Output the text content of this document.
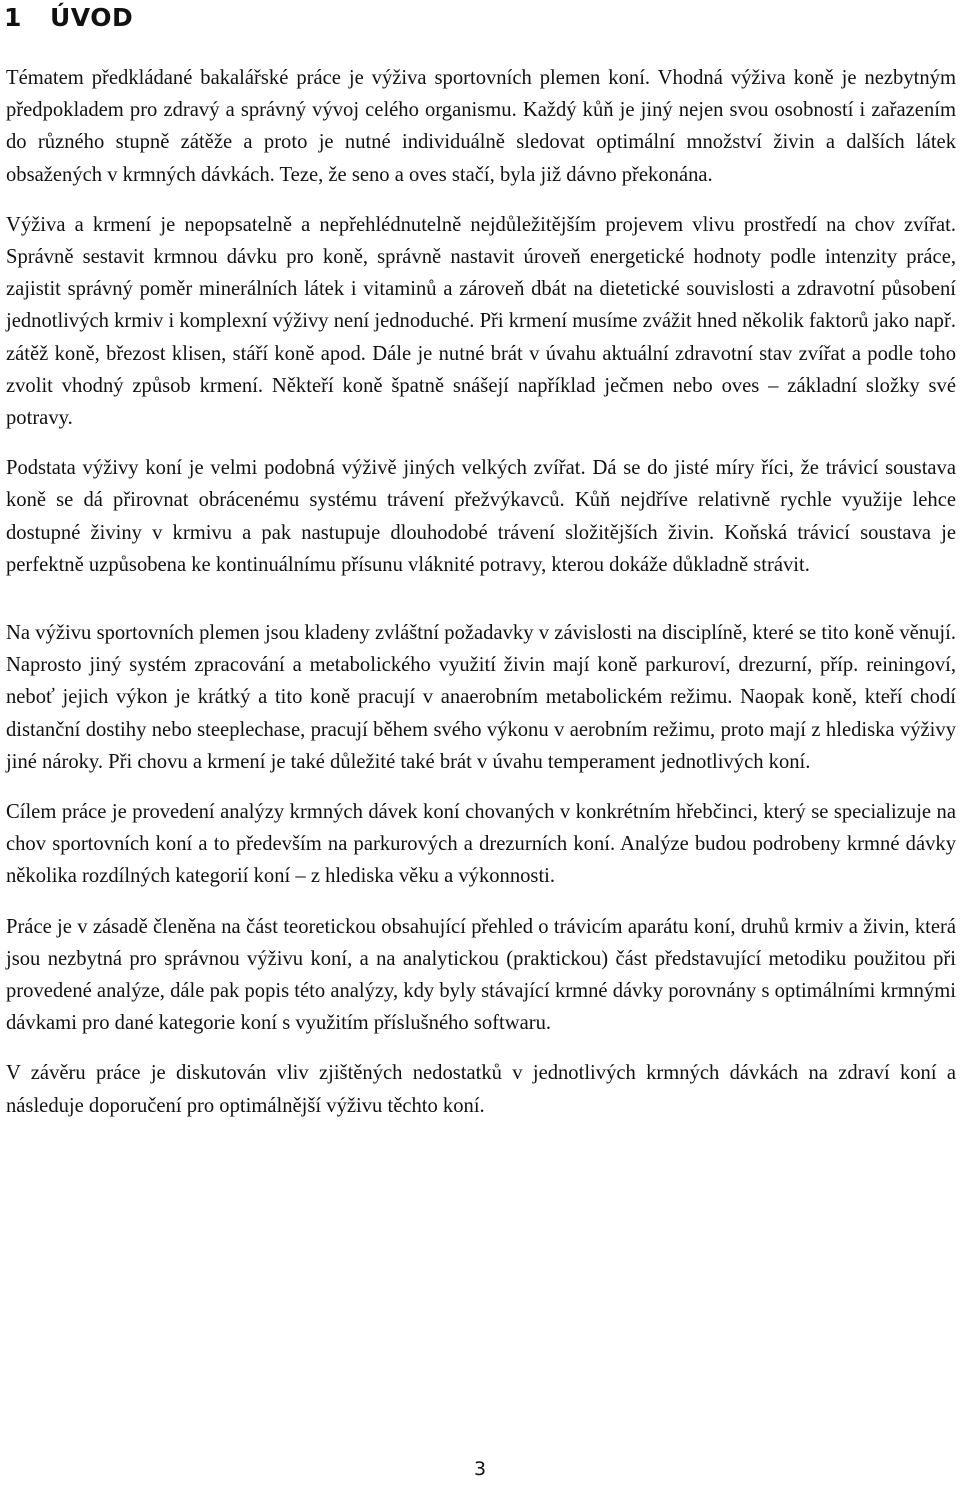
1 ÚVOD

Tématem předkládané bakalářské práce je výživa sportovních plemen koní. Vhodná výživa koně je nezbytným předpokladem pro zdravý a správný vývoj celého organismu. Každý kůň je jiný nejen svou osobností i zařazením do různého stupně zátěže a proto je nutné individuálně sledovat optimální množství živin a dalších látek obsažených v krmných dávkách. Teze, že seno a oves stačí, byla již dávno překonána.

Výživa a krmení je nepopsatelně a nepřehlédnutelně nejdůležitějším projevem vlivu prostředí na chov zvířat. Správně sestavit krmnou dávku pro koně, správně nastavit úroveň energetické hodnoty podle intenzity práce, zajistit správný poměr minerálních látek i vitaminů a zároveň dbát na dietetické souvislosti a zdravotní působení jednotlivých krmiv i komplexní výživy není jednoduché. Při krmení musíme zvážit hned několik faktorů jako např. zátěž koně, březost klisen, stáří koně apod. Dále je nutné brát v úvahu aktuální zdravotní stav zvířat a podle toho zvolit vhodný způsob krmení. Někteří koně špatně snášejí například ječmen nebo oves – základní složky své potravy.

Podstata výživy koní je velmi podobná výživě jiných velkých zvířat. Dá se do jisté míry říci, že trávicí soustava koně se dá přirovnat obrácenému systému trávení přežvýkavců. Kůň nejdříve relativně rychle využije lehce dostupné živiny v krmivu a pak nastupuje dlouhodobé trávení složitějších živin. Koňská trávicí soustava je perfektně uzpůsobena ke kontinuálnímu přísunu vláknité potravy, kterou dokáže důkladně strávit.

Na výživu sportovních plemen jsou kladeny zvláštní požadavky v závislosti na disciplíně, které se tito koně věnují. Naprosto jiný systém zpracování a metabolického využití živin mají koně parkuroví, drezurní, příp. reiningoví, neboť jejich výkon je krátký a tito koně pracují v anaerobním metabolickém režimu. Naopak koně, kteří chodí distanční dostihy nebo steeplechase, pracují během svého výkonu v aerobním režimu, proto mají z hlediska výživy jiné nároky. Při chovu a krmení je také důležité také brát v úvahu temperament jednotlivých koní.

Cílem práce je provedení analýzy krmných dávek koní chovaných v konkrétním hřebčinci, který se specializuje na chov sportovních koní a to především na parkurových a drezurních koní. Analýze budou podrobeny krmné dávky několika rozdílných kategorií koní – z hlediska věku a výkonnosti.

Práce je v zásadě členěna na část teoretickou obsahující přehled o trávicím aparátu koní, druhů krmiv a živin, která jsou nezbytná pro správnou výživu koní, a na analytickou (praktickou) část představující metodiku použitou při provedené analýze, dále pak popis této analýzy, kdy byly stávající krmné dávky porovnány s optimálními krmnými dávkami pro dané kategorie koní s využitím příslušného softwaru.

V závěru práce je diskutován vliv zjištěných nedostatků v jednotlivých krmných dávkách na zdraví koní a následuje doporučení pro optimálnější výživu těchto koní.

3
